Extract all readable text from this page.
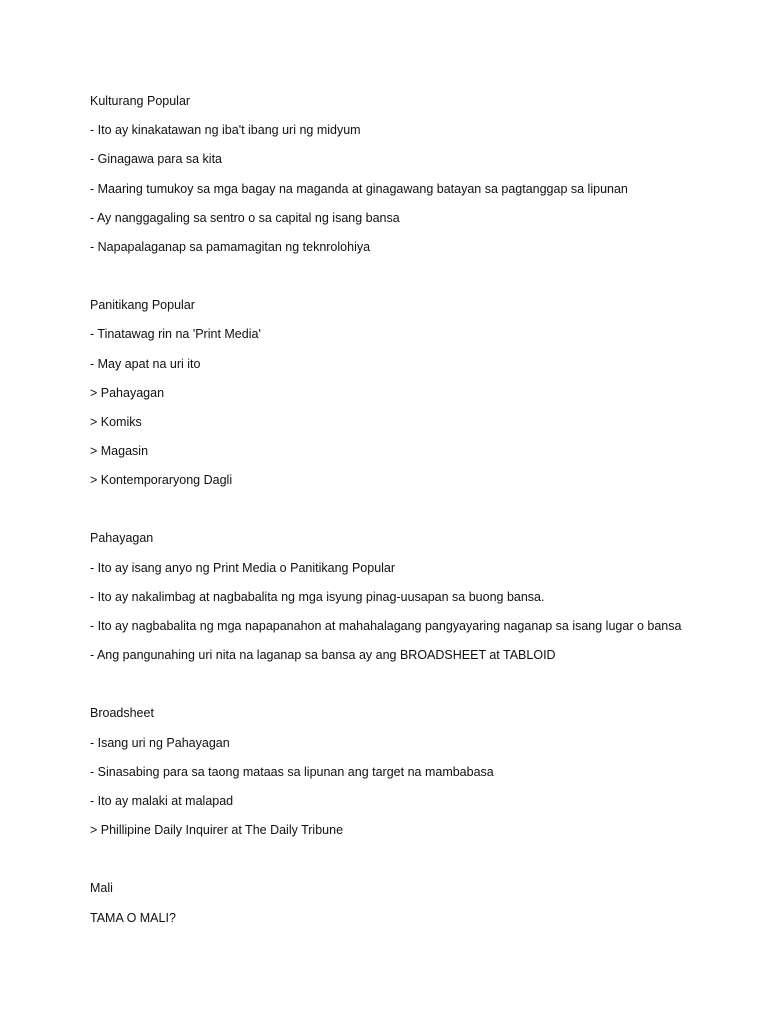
Kulturang Popular
- Ito ay kinakatawan ng iba't ibang uri ng midyum
- Ginagawa para sa kita
- Maaring tumukoy sa mga bagay na maganda at ginagawang batayan sa pagtanggap sa lipunan
- Ay nanggagaling sa sentro o sa capital ng isang bansa
- Napapalaganap sa pamamagitan ng teknrolohiya
Panitikang Popular
- Tinatawag rin na 'Print Media'
- May apat na uri ito
> Pahayagan
> Komiks
> Magasin
> Kontemporaryong Dagli
Pahayagan
- Ito ay isang anyo ng Print Media o Panitikang Popular
- Ito ay nakalimbag at nagbabalita ng mga isyung pinag-uusapan sa buong bansa.
- Ito ay nagbabalita ng mga napapanahon at mahahalagang pangyayaring naganap sa isang lugar o bansa
- Ang pangunahing uri nita na laganap sa bansa ay ang BROADSHEET at TABLOID
Broadsheet
- Isang uri ng Pahayagan
- Sinasabing para sa taong mataas sa lipunan ang target na mambabasa
- Ito ay malaki at malapad
> Phillipine Daily Inquirer at The Daily Tribune
Mali
TAMA O MALI?
